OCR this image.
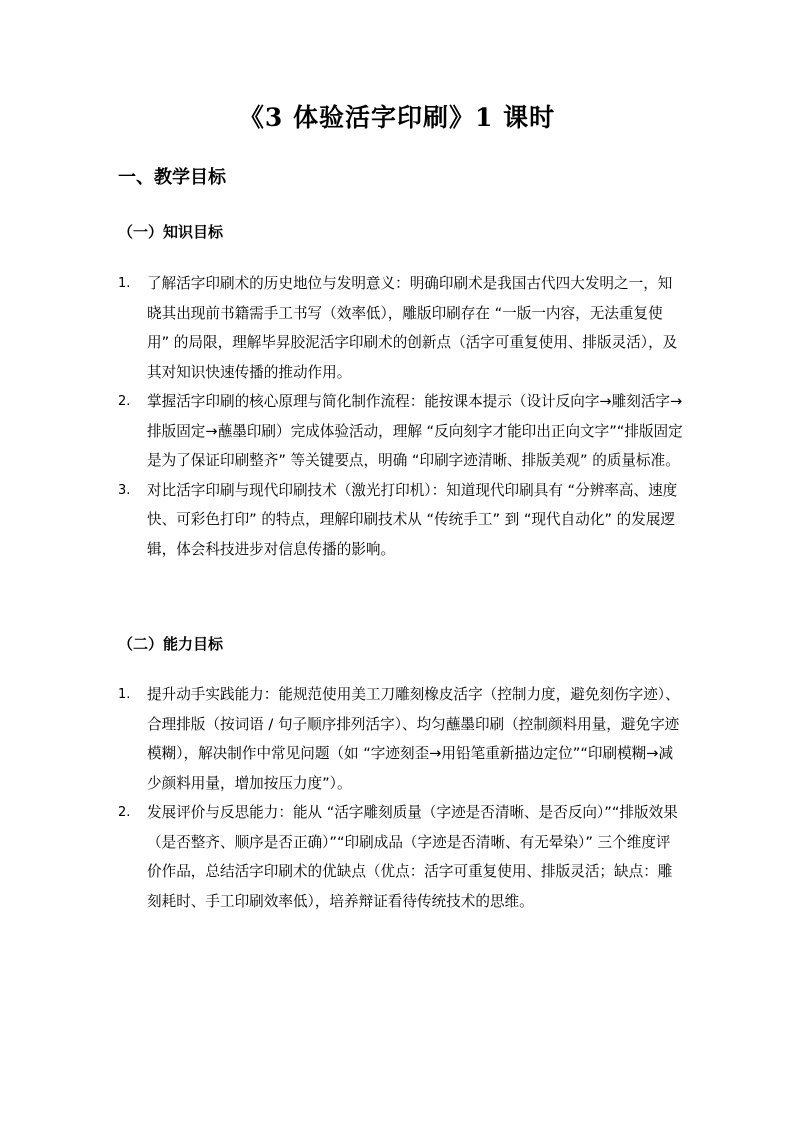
《3 体验活字印刷》1 课时
一、教学目标
（一）知识目标
1.	了解活字印刷术的历史地位与发明意义：明确印刷术是我国古代四大发明之一，知晓其出现前书籍需手工书写（效率低），雕版印刷存在 “一版一内容，无法重复使用” 的局限，理解毕昇胶泥活字印刷术的创新点（活字可重复使用、排版灵活），及其对知识快速传播的推动作用。
2.	掌握活字印刷的核心原理与简化制作流程：能按课本提示（设计反向字→雕刻活字→排版固定→蘸墨印刷）完成体验活动，理解 “反向刻字才能印出正向文字”“排版固定是为了保证印刷整齐” 等关键要点，明确 “印刷字迹清晰、排版美观” 的质量标准。
3.	对比活字印刷与现代印刷技术（激光打印机）：知道现代印刷具有 “分辨率高、速度快、可彩色打印” 的特点，理解印刷技术从 “传统手工” 到 “现代自动化” 的发展逻辑，体会科技进步对信息传播的影响。
（二）能力目标
1.	提升动手实践能力：能规范使用美工刀雕刻橡皮活字（控制力度，避免刻伤字迹）、合理排版（按词语 / 句子顺序排列活字）、均匀蘸墨印刷（控制颜料用量，避免字迹模糊），解决制作中常见问题（如 “字迹刻歪→用铅笔重新描边定位”“印刷模糊→减少颜料用量，增加按压力度”）。
2.	发展评价与反思能力：能从 “活字雕刻质量（字迹是否清晰、是否反向）”“排版效果（是否整齐、顺序是否正确）”“印刷成品（字迹是否清晰、有无晕染）” 三个维度评价作品，总结活字印刷术的优缺点（优点：活字可重复使用、排版灵活；缺点：雕刻耗时、手工印刷效率低），培养辩证看待传统技术的思维。
